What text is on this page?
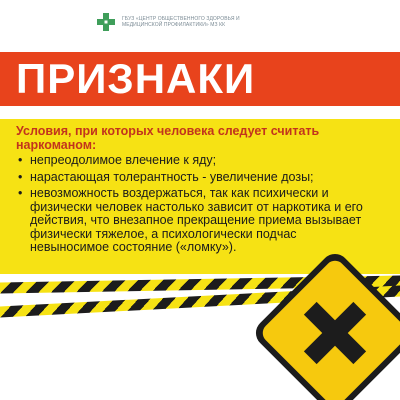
ГБУЗ «ЦЕНТР ОБЩЕСТВЕННОГО ЗДОРОВЬЯ И МЕДИЦИНСКОЙ ПРОФИЛАКТИКИ» МЗ КК
ПРИЗНАКИ

Условия, при которых человека следует считать наркоманом:

• непреодолимое влечение к яду;
• нарастающая толерантность - увеличение дозы;
• невозможность воздержаться, так как психически и физически человек настолько зависит от наркотика и его действия, что внезапное прекращение приема вызывает физически тяжелое, а психологически подчас невыносимое состояние («ломку»).
